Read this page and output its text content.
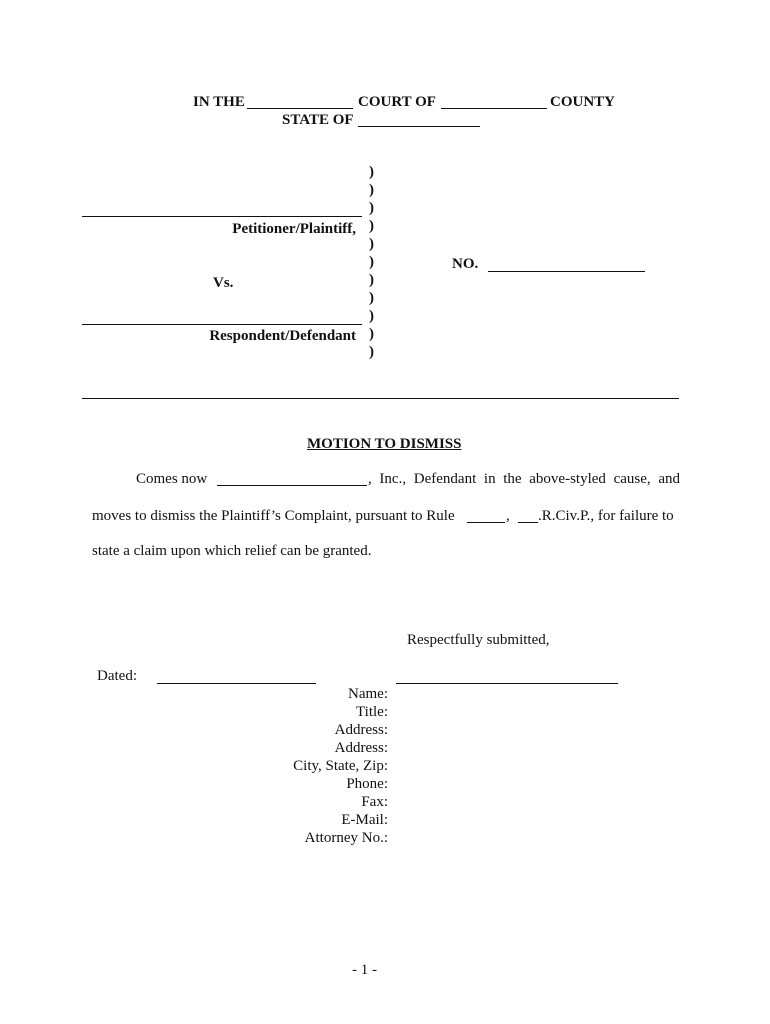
IN THE	COURT OF	COUNTY
STATE OF
)
)
)
)
)
)
)
)
)
)
)
Petitioner/Plaintiff,
Vs.
Respondent/Defendant
NO.
MOTION TO DISMISS
Comes now	, Inc., Defendant in the above-styled cause, and
moves to dismiss the Plaintiff’s Complaint, pursuant to Rule	, .R.Civ.P., for failure to
state a claim upon which relief can be granted.
Respectfully submitted,
Dated:
Name:
Title:
Address:
Address:
City, State, Zip:
Phone:
Fax:
E-Mail:
Attorney No.:
- 1 -
